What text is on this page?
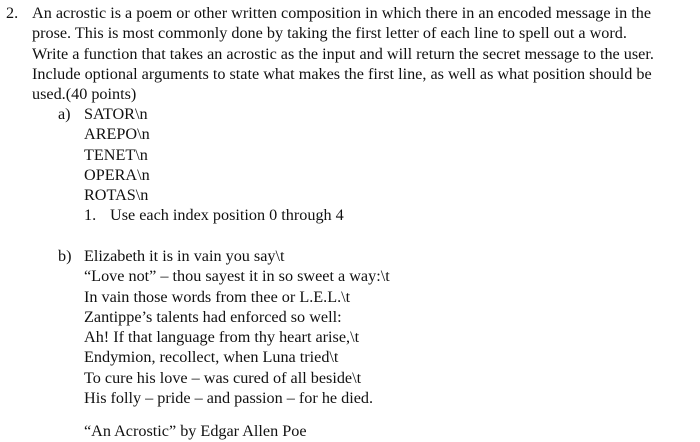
2. An acrostic is a poem or other written composition in which there in an encoded message in the
prose. This is most commonly done by taking the first letter of each line to spell out a word.
Write a function that takes an acrostic as the input and will return the secret message to the user.
Include optional arguments to state what makes the first line, as well as what position should be
used.(40 points)
a) SATOR\n
AREPO\n
TENET\n
OPERA\n
ROTAS\n
1. Use each index position 0 through 4
b) Elizabeth it is in vain you say\t
“Love not” – thou sayest it in so sweet a way:\t
In vain those words from thee or L.E.L.\t
Zantippe’s talents had enforced so well:
Ah! If that language from thy heart arise,\t
Endymion, recollect, when Luna tried\t
To cure his love – was cured of all beside\t
His folly – pride – and passion – for he died.
“An Acrostic” by Edgar Allen Poe
